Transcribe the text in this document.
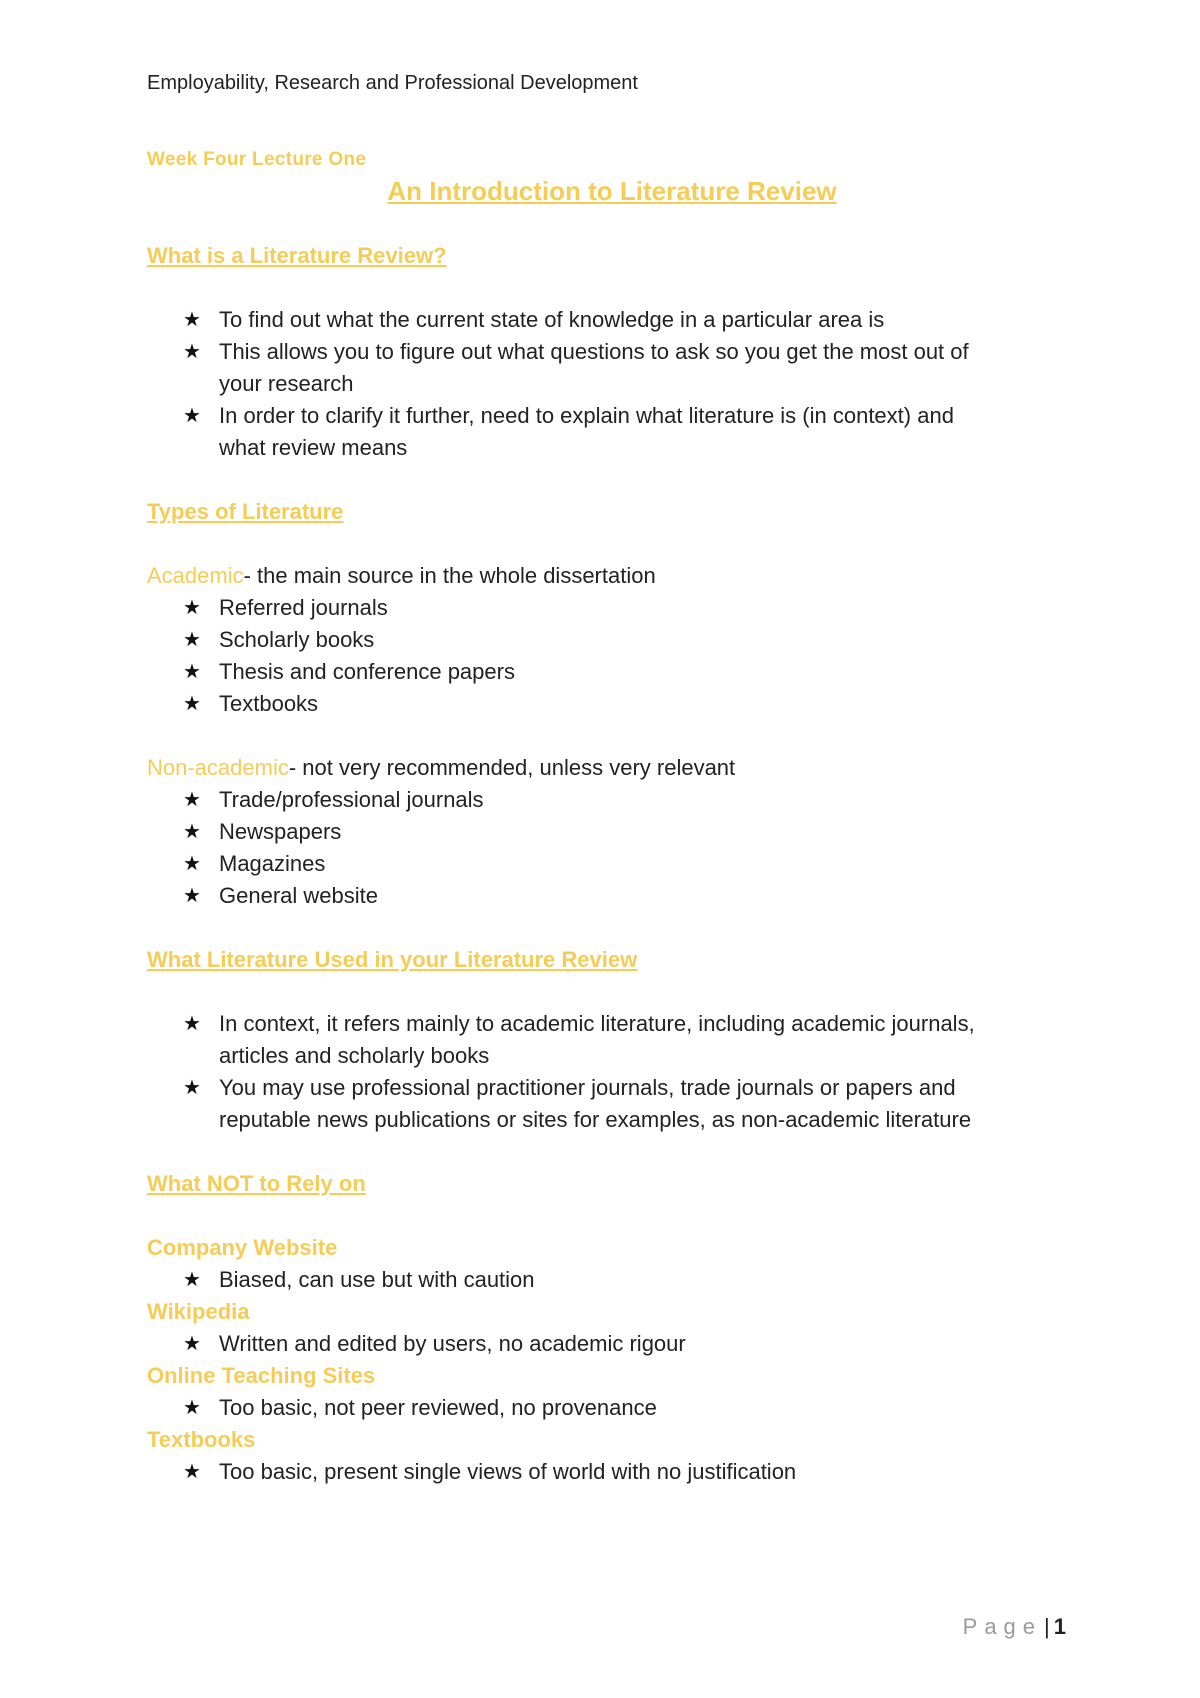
Employability, Research and Professional Development
Week Four Lecture One
An Introduction to Literature Review
What is a Literature Review?
★ To find out what the current state of knowledge in a particular area is
★ This allows you to figure out what questions to ask so you get the most out of
your research
★ In order to clarify it further, need to explain what literature is (in context) and
what review means
Types of Literature
Academic- the main source in the whole dissertation
★ Referred journals
★ Scholarly books
★ Thesis and conference papers
★ Textbooks
Non-academic- not very recommended, unless very relevant
★ Trade/professional journals
★ Newspapers
★ Magazines
★ General website
What Literature Used in your Literature Review
★ In context, it refers mainly to academic literature, including academic journals,
articles and scholarly books
★ You may use professional practitioner journals, trade journals or papers and
reputable news publications or sites for examples, as non-academic literature
What NOT to Rely on
Company Website
★ Biased, can use but with caution
Wikipedia
★ Written and edited by users, no academic rigour
Online Teaching Sites
★ Too basic, not peer reviewed, no provenance
Textbooks
★ Too basic, present single views of world with no justification
Page| 1
